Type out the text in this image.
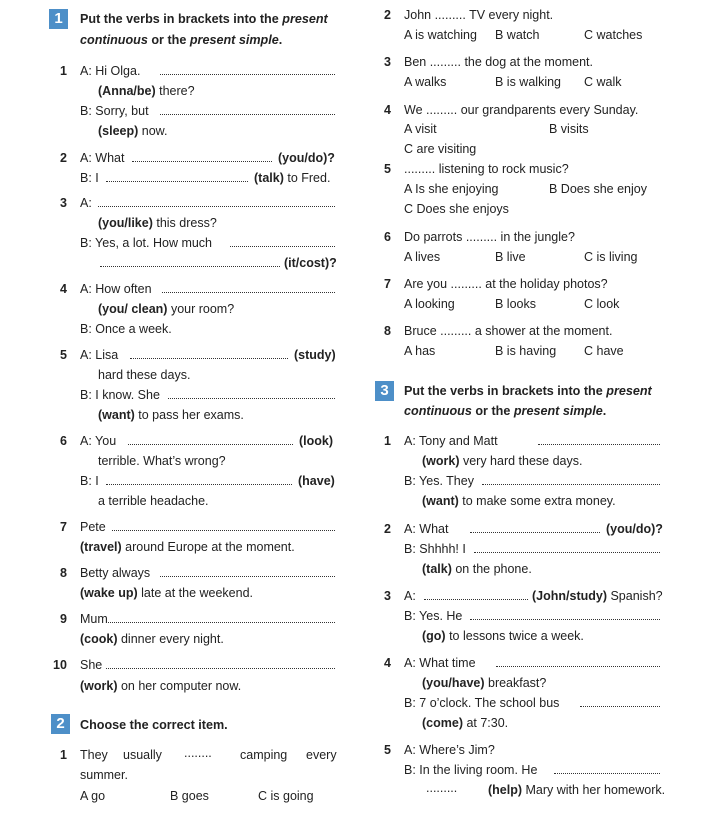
1	Put the verbs in brackets into the present
continuous or the present simple.
1 A: Hi Olga.
(Anna/be) there?
B: Sorry, but
(sleep) now.
2 A: What	(you/do)?
B: I	(talk) to Fred.
3 A:
(you/like) this dress?
B: Yes, a lot. How much
(it/cost)?
4 A: How often
(you/ clean) your room?
B: Once a week.
5 A: Lisa	(study)
hard these days.
B: I know. She
(want) to pass her exams.
6 A: You	(look)
terrible. What’s wrong?
B: I	(have)
a terrible headache.
7 Pete
(travel) around Europe at the moment.
8 Betty always
(wake up) late at the weekend.
9 Mum
(cook) dinner every night.
10 She
(work) on her computer now.
2	Choose the correct item.
1 They usually ........ camping every
summer.
A go	B goes	C is going
2 John ......... TV every night.
A is watching B watch	C watches
3 Ben ......... the dog at the moment.
A walks	B is walking C walk
4 We ......... our grandparents every Sunday.
A visit	B visits
C are visiting
5 ......... listening to rock music?
A Is she enjoying	B Does she enjoy
C Does she enjoys
6 Do parrots ......... in the jungle?
A lives	B live	C is living
7 Are you ......... at the holiday photos?
A looking	B looks	C look
8 Bruce ......... a shower at the moment.
A has	B is having C have
3	Put the verbs in brackets into the present
continuous or the present simple.
1 A: Tony and Matt
(work) very hard these days.
B: Yes. They
(want) to make some extra money.
2 A: What	(you/do)?
B: Shhhh! I
(talk) on the phone.
3 A:	(John/study) Spanish?
B: Yes. He
(go) to lessons twice a week.
4 A: What time
(you/have) breakfast?
B: 7 o’clock. The school bus
(come) at 7:30.
5 A: Where’s Jim?
B: In the living room. He
......... (help) Mary with her homework.
